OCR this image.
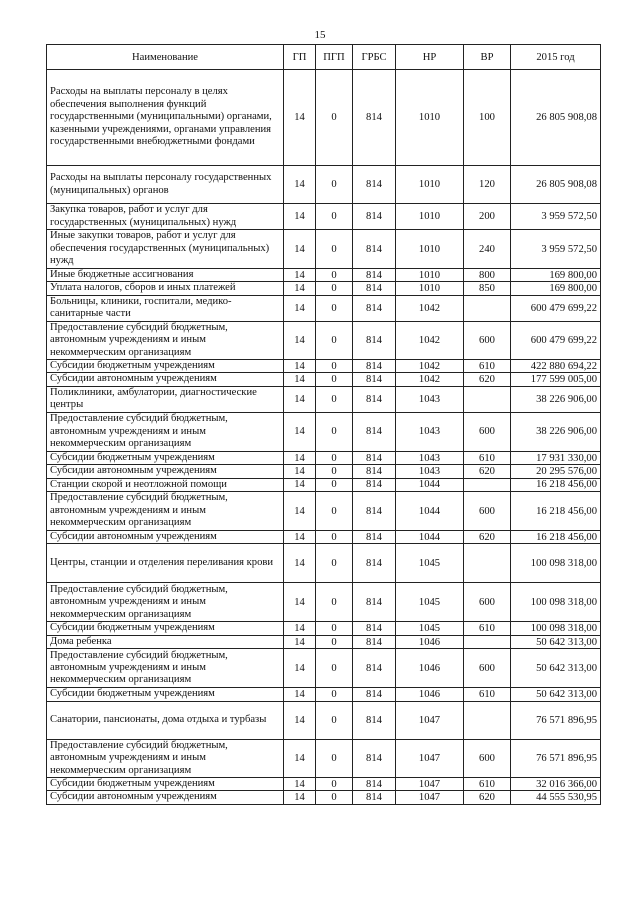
15
Наименование	ГП	ПГП	ГРБС	НР	ВР	2015 год
Расходы на выплаты персоналу в целях обеспечения выполнения функций государственными (муниципальными) органами, казенными учреждениями, органами управления государственными внебюджетными фондами	14	0	814	1010	100	26 805 908,08
Расходы на выплаты персоналу государственных (муниципальных) органов	14	0	814	1010	120	26 805 908,08
Закупка товаров, работ и услуг для государственных (муниципальных) нужд	14	0	814	1010	200	3 959 572,50
Иные закупки товаров, работ и услуг для обеспечения государственных (муниципальных) нужд	14	0	814	1010	240	3 959 572,50
Иные бюджетные ассигнования	14	0	814	1010	800	169 800,00
Уплата налогов, сборов и иных платежей	14	0	814	1010	850	169 800,00
Больницы, клиники, госпитали, медико-санитарные части	14	0	814	1042		600 479 699,22
Предоставление субсидий бюджетным, автономным учреждениям и иным некоммерческим организациям	14	0	814	1042	600	600 479 699,22
Субсидии бюджетным учреждениям	14	0	814	1042	610	422 880 694,22
Субсидии автономным учреждениям	14	0	814	1042	620	177 599 005,00
Поликлиники, амбулатории, диагностические центры	14	0	814	1043		38 226 906,00
Предоставление субсидий бюджетным, автономным учреждениям и иным некоммерческим организациям	14	0	814	1043	600	38 226 906,00
Субсидии бюджетным учреждениям	14	0	814	1043	610	17 931 330,00
Субсидии автономным учреждениям	14	0	814	1043	620	20 295 576,00
Станции скорой и неотложной помощи	14	0	814	1044		16 218 456,00
Предоставление субсидий бюджетным, автономным учреждениям и иным некоммерческим организациям	14	0	814	1044	600	16 218 456,00
Субсидии автономным учреждениям	14	0	814	1044	620	16 218 456,00
Центры, станции и отделения переливания крови	14	0	814	1045		100 098 318,00
Предоставление субсидий бюджетным, автономным учреждениям и иным некоммерческим организациям	14	0	814	1045	600	100 098 318,00
Субсидии бюджетным учреждениям	14	0	814	1045	610	100 098 318,00
Дома ребенка	14	0	814	1046		50 642 313,00
Предоставление субсидий бюджетным, автономным учреждениям и иным некоммерческим организациям	14	0	814	1046	600	50 642 313,00
Субсидии бюджетным учреждениям	14	0	814	1046	610	50 642 313,00
Санатории, пансионаты, дома отдыха и турбазы	14	0	814	1047		76 571 896,95
Предоставление субсидий бюджетным, автономным учреждениям и иным некоммерческим организациям	14	0	814	1047	600	76 571 896,95
Субсидии бюджетным учреждениям	14	0	814	1047	610	32 016 366,00
Субсидии автономным учреждениям	14	0	814	1047	620	44 555 530,95
